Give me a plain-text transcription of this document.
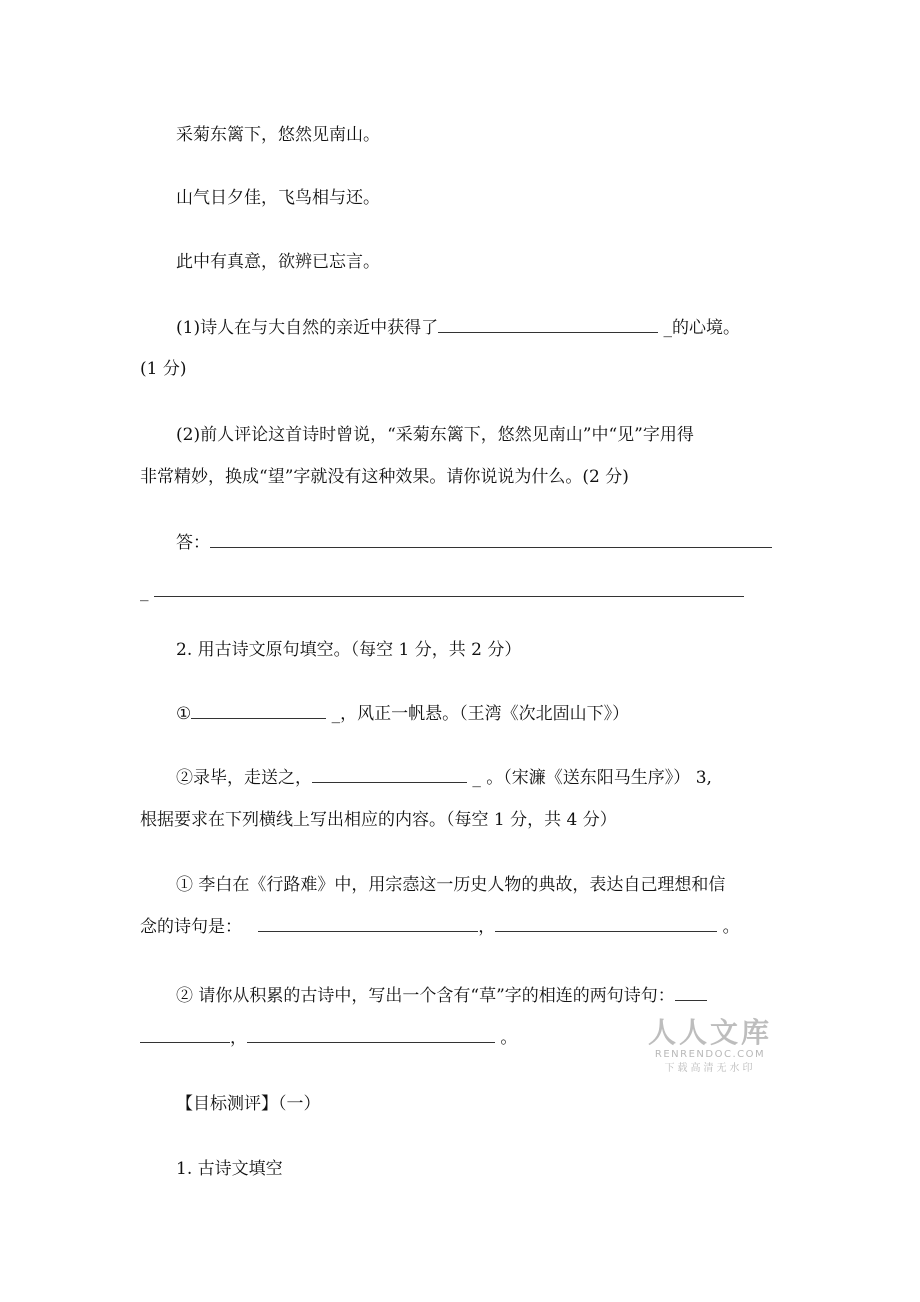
采菊东篱下，悠然见南山。
山气日夕佳，飞鸟相与还。
此中有真意，欲辨已忘言。
(1)诗人在与大自然的亲近中获得了	_的心境。
(1 分)
(2)前人评论这首诗时曾说，“采菊东篱下，悠然见南山”中“见”字用得
非常精妙，换成“望”字就没有这种效果。请你说说为什么。(2 分)
答：
_
2. 用古诗文原句填空。（每空 1 分，共 2 分）
①	_，风正一帆悬。（王湾《次北固山下》）
②录毕，走送之，	_ 。（宋濂《送东阳马生序》） 3,
根据要求在下列横线上写出相应的内容。（每空 1 分，共 4 分）
① 李白在《行路难》中，用宗悫这一历史人物的典故，表达自己理想和信
念的诗句是：	，	。
② 请你从积累的古诗中，写出一个含有“草”字的相连的两句诗句：
，	。
【目标测评】（一）
1. 古诗文填空
人人文库
RENRENDOC.COM
下载高清无水印
